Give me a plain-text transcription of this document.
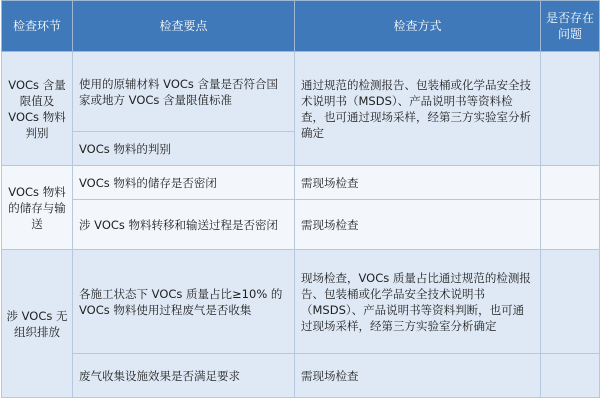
检查环节	检查要点	检查方式	是否存在问题
VOCs 含量限值及 VOCs 物料判别	使用的原辅材料 VOCs 含量是否符合国家或地方 VOCs 含量限值标准	通过规范的检测报告、包装桶或化学品安全技术说明书（MSDS）、产品说明书等资料检查，也可通过现场采样，经第三方实验室分析确定	
	VOCs 物料的判别		
VOCs 物料的储存与输送	VOCs 物料的储存是否密闭	需现场检查	
	涉 VOCs 物料转移和输送过程是否密闭	需现场检查	
涉 VOCs 无组织排放	各施工状态下 VOCs 质量占比≥10% 的 VOCs 物料使用过程废气是否收集	现场检查，VOCs 质量占比通过规范的检测报告、包装桶或化学品安全技术说明书（MSDS）、产品说明书等资料判断，也可通过现场采样，经第三方实验室分析确定	
	废气收集设施效果是否满足要求	需现场检查	
